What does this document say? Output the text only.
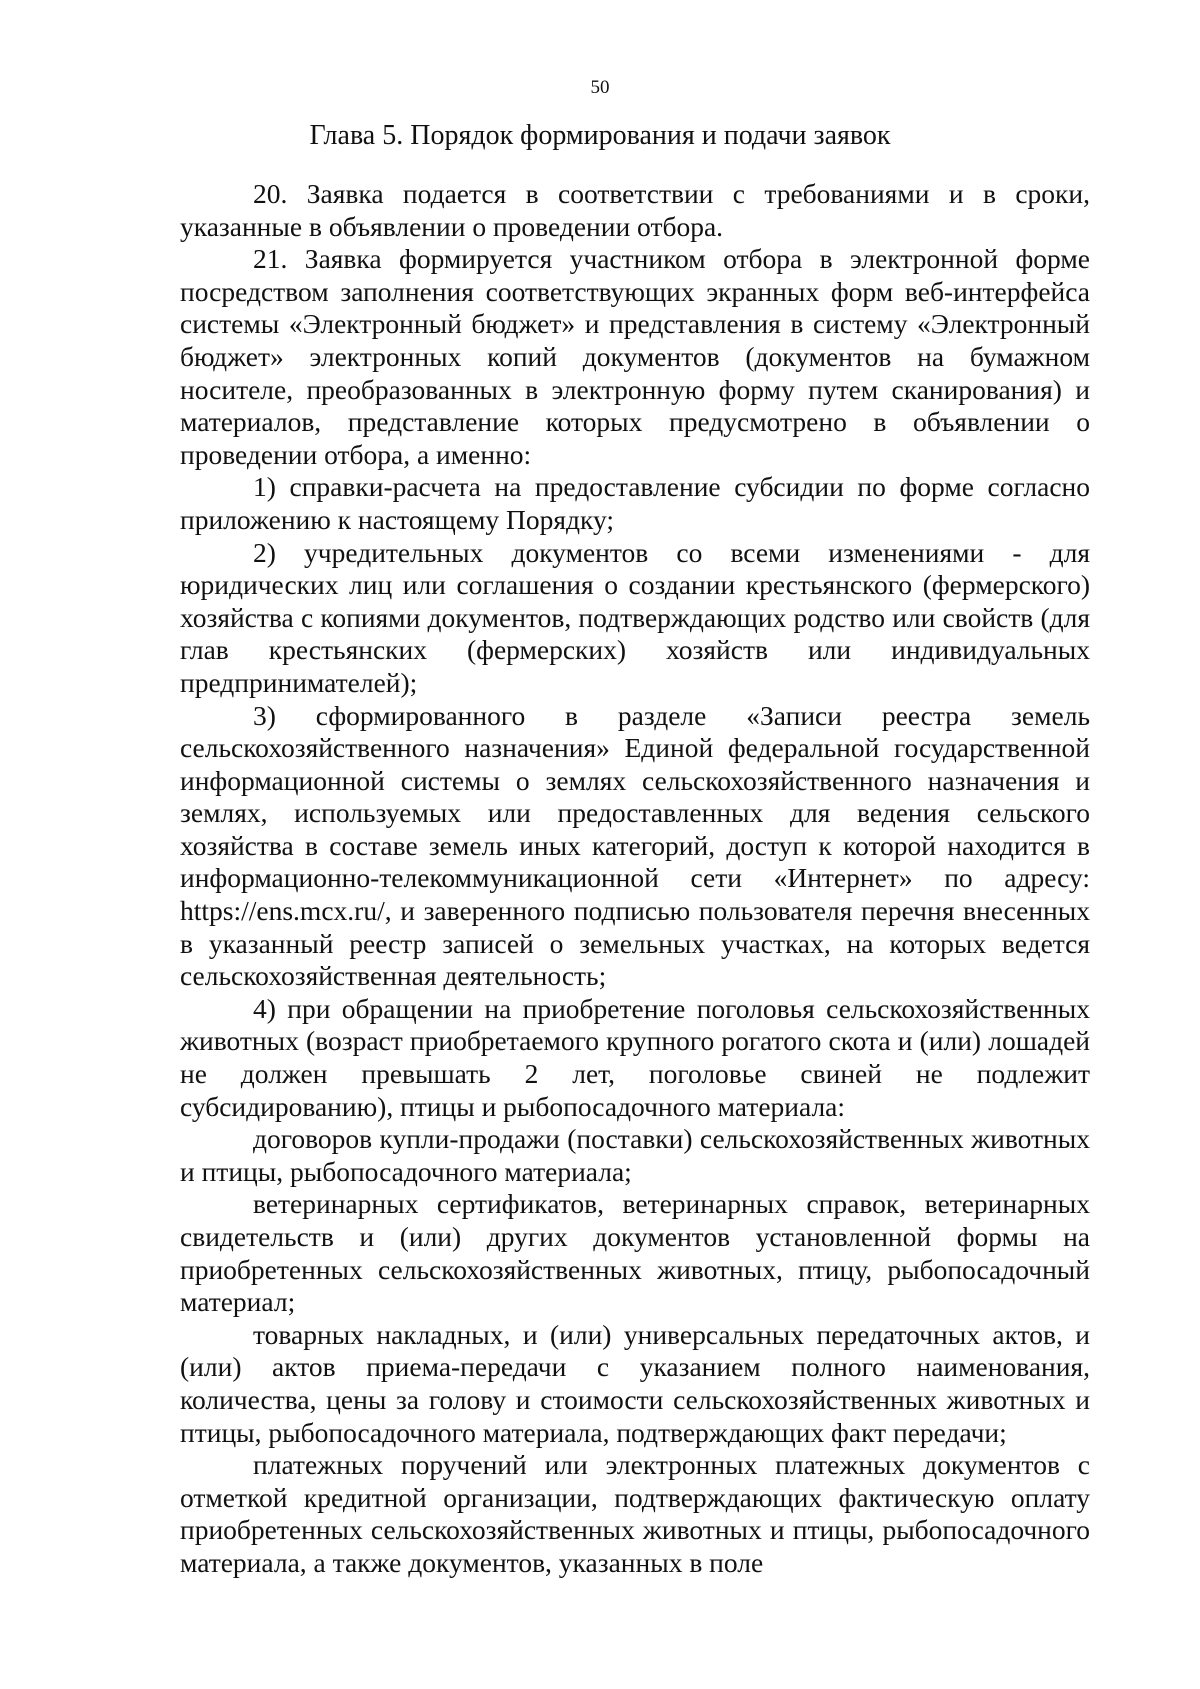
50
Глава 5. Порядок формирования и подачи заявок

20. Заявка подается в соответствии с требованиями и в сроки, указанные в объявлении о проведении отбора.

21. Заявка формируется участником отбора в электронной форме посредством заполнения соответствующих экранных форм веб-интерфейса системы «Электронный бюджет» и представления в систему «Электронный бюджет» электронных копий документов (документов на бумажном носителе, преобразованных в электронную форму путем сканирования) и материалов, представление которых предусмотрено в объявлении о проведении отбора, а именно:

1) справки-расчета на предоставление субсидии по форме согласно приложению к настоящему Порядку;

2) учредительных документов со всеми изменениями - для юридических лиц или соглашения о создании крестьянского (фермерского) хозяйства с копиями документов, подтверждающих родство или свойств (для глав крестьянских (фермерских) хозяйств или индивидуальных предпринимателей);

3) сформированного в разделе «Записи реестра земель сельскохозяйственного назначения» Единой федеральной государственной информационной системы о землях сельскохозяйственного назначения и землях, используемых или предоставленных для ведения сельского хозяйства в составе земель иных категорий, доступ к которой находится в информационно-телекоммуникационной сети «Интернет» по адресу: https://ens.mcx.ru/, и заверенного подписью пользователя перечня внесенных в указанный реестр записей о земельных участках, на которых ведется сельскохозяйственная деятельность;

4) при обращении на приобретение поголовья сельскохозяйственных животных (возраст приобретаемого крупного рогатого скота и (или) лошадей не должен превышать 2 лет, поголовье свиней не подлежит субсидированию), птицы и рыбопосадочного материала:

договоров купли-продажи (поставки) сельскохозяйственных животных и птицы, рыбопосадочного материала;

ветеринарных сертификатов, ветеринарных справок, ветеринарных свидетельств и (или) других документов установленной формы на приобретенных сельскохозяйственных животных, птицу, рыбопосадочный материал;

товарных накладных, и (или) универсальных передаточных актов, и (или) актов приема-передачи с указанием полного наименования, количества, цены за голову и стоимости сельскохозяйственных животных и птицы, рыбопосадочного материала, подтверждающих факт передачи;

платежных поручений или электронных платежных документов с отметкой кредитной организации, подтверждающих фактическую оплату приобретенных сельскохозяйственных животных и птицы, рыбопосадочного материала, а также документов, указанных в поле
